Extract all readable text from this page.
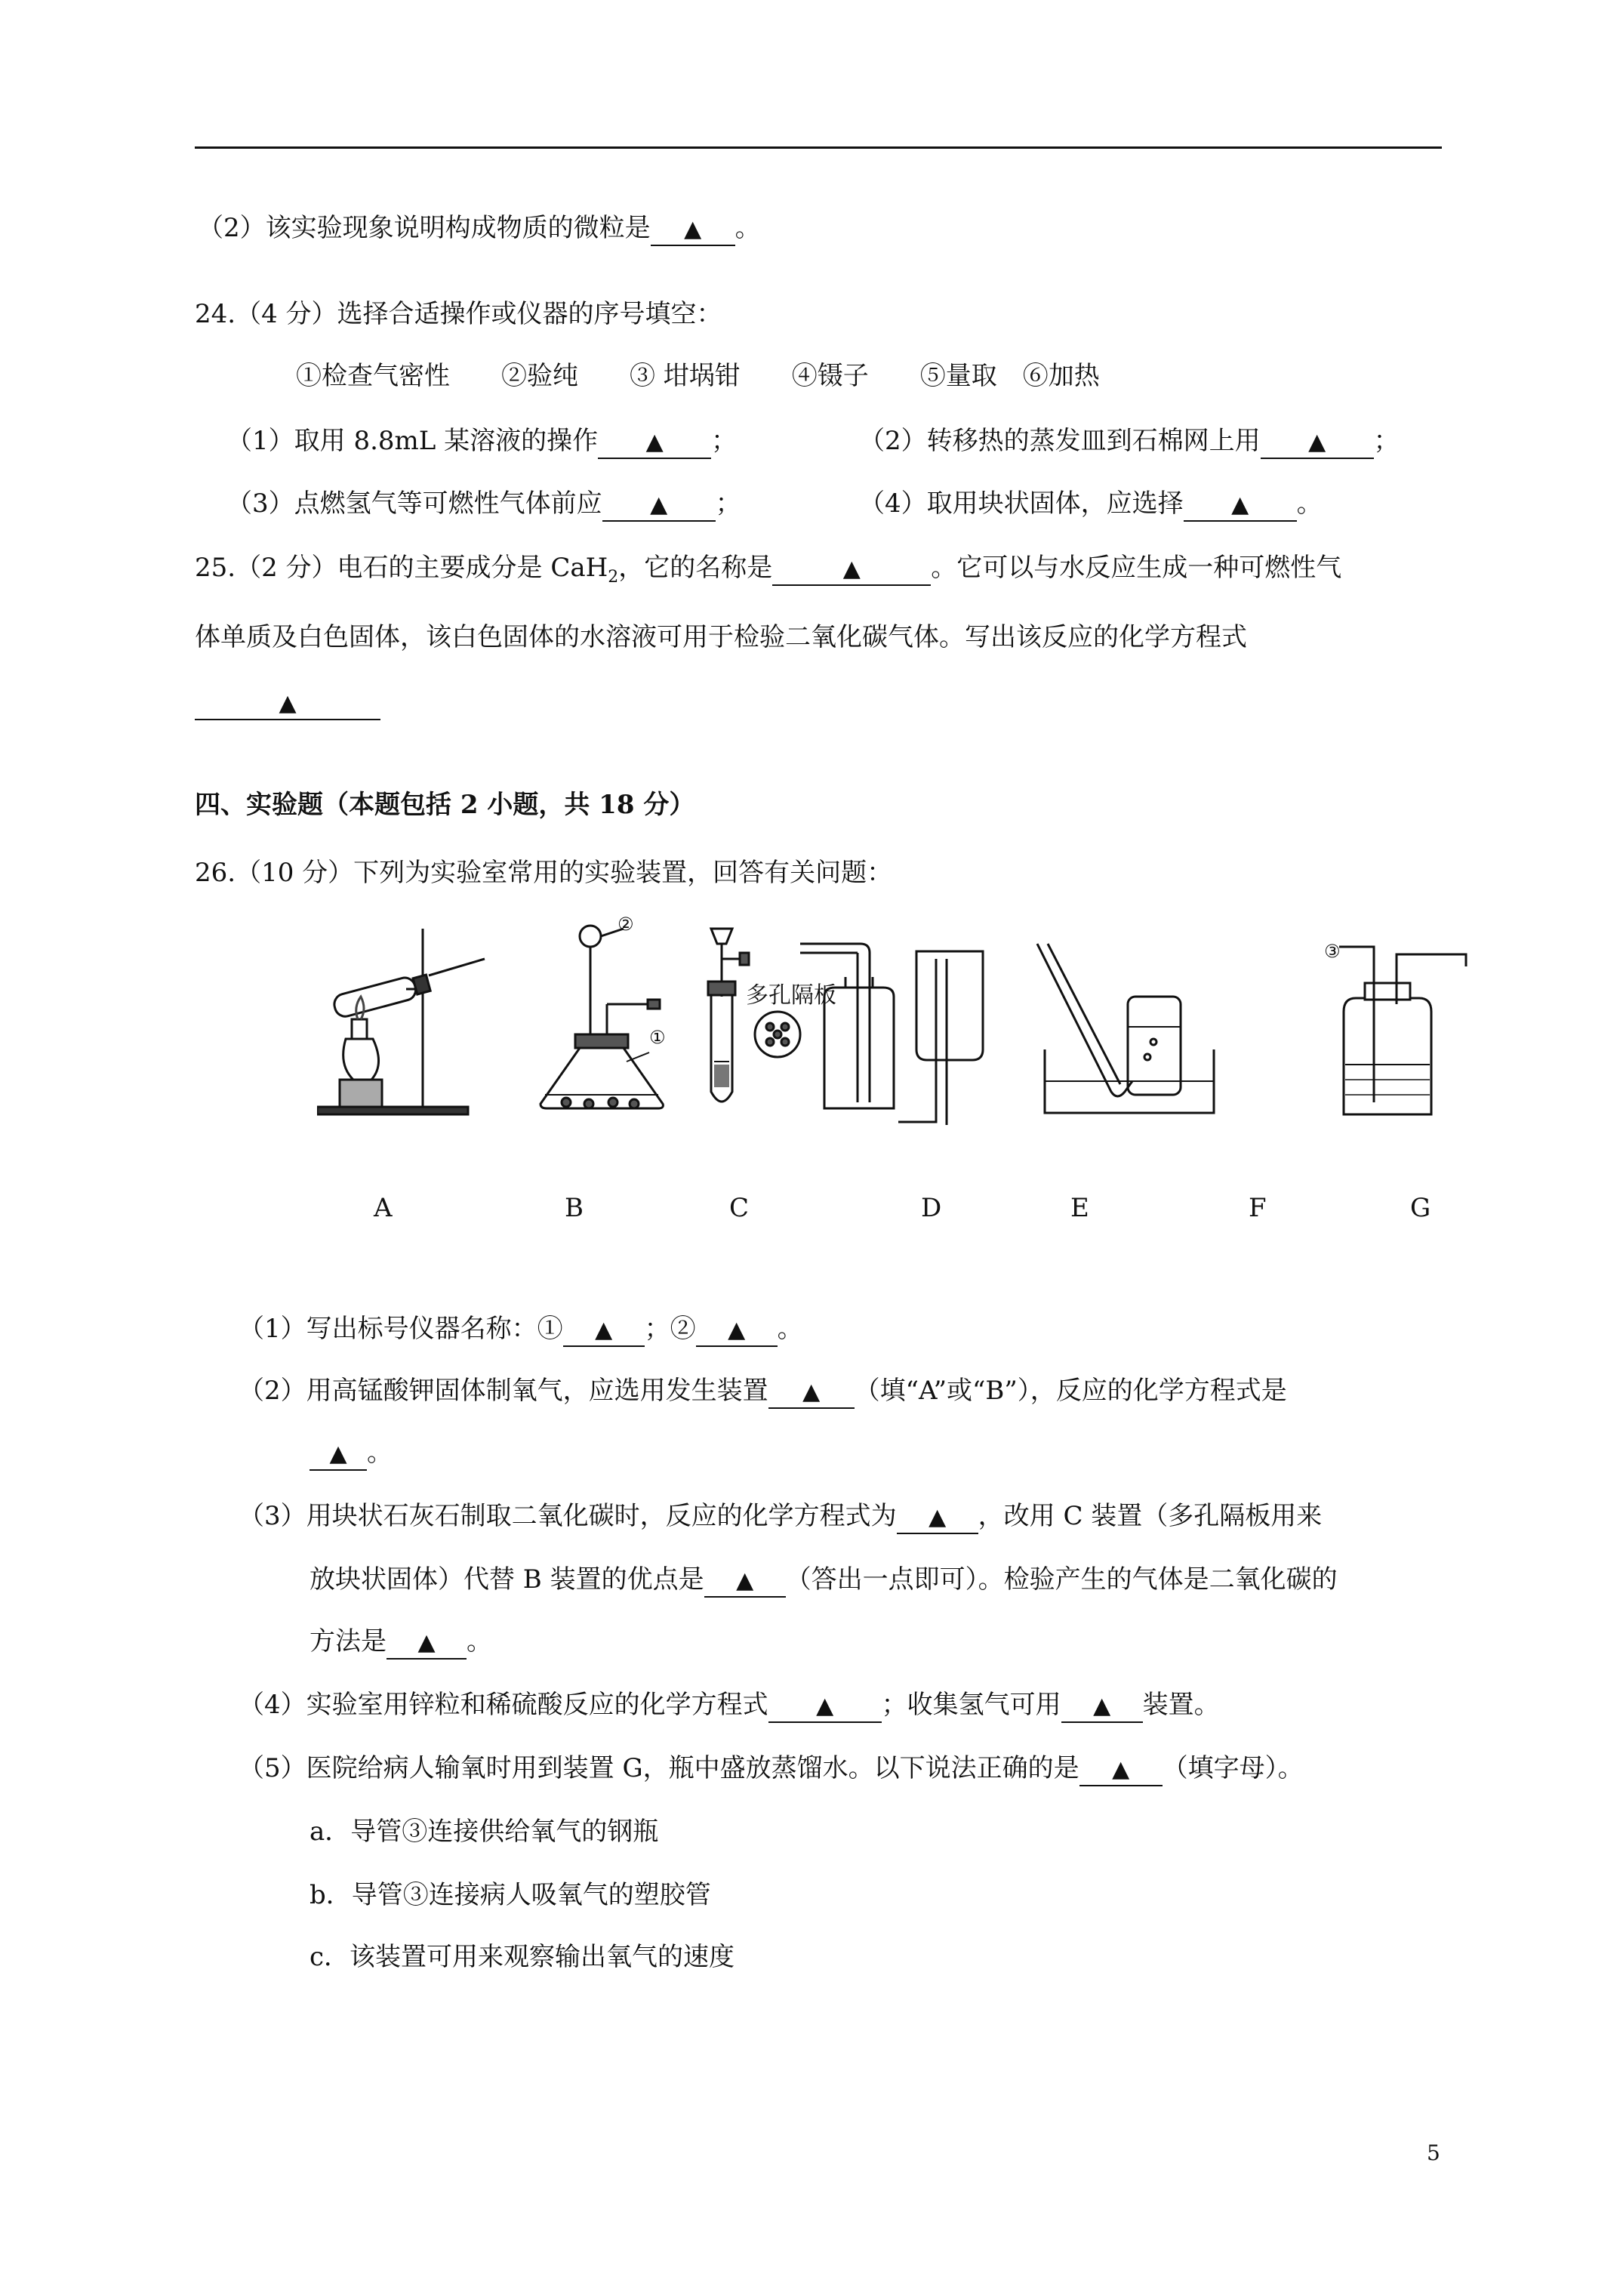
（2）该实验现象说明构成物质的微粒是 ▲ 。
24.（4 分）选择合适操作或仪器的序号填空：
①检查气密性　　②验纯　　③ 坩埚钳　　④镊子　　⑤量取　⑥加热
（1）取用 8.8mL 某溶液的操作 ▲ ；	（2）转移热的蒸发皿到石棉网上用 ▲ ；
（3）点燃氢气等可燃性气体前应 ▲ ；	（4）取用块状固体，应选择 ▲ 。
25.（2 分）电石的主要成分是 CaH$_2$，它的名称是	▲	。它可以与水反应生成一种可燃性气
体单质及白色固体，该白色固体的水溶液可用于检验二氧化碳气体。写出该反应的化学方程式
▲
四、实验题（本题包括 2 小题，共 18 分）
26.（10 分）下列为实验室常用的实验装置，回答有关问题：
①
②
多孔隔板
③
A	B	C	D	E	F	G
（1）写出标号仪器名称：① ▲ ；② ▲ 。
（2）用高锰酸钾固体制氧气，应选用发生装置 ▲ （填“A”或“B”），反应的化学方程式是
▲ 。
（3）用块状石灰石制取二氧化碳时，反应的化学方程式为 ▲ ，改用 C 装置（多孔隔板用来
放块状固体）代替 B 装置的优点是 ▲ （答出一点即可）。检验产生的气体是二氧化碳的
方法是 ▲ 。
（4）实验室用锌粒和稀硫酸反应的化学方程式 ▲ ；收集氢气可用 ▲ 装置。
（5）医院给病人输氧时用到装置 G，瓶中盛放蒸馏水。以下说法正确的是 ▲ （填字母）。
a．导管③连接供给氧气的钢瓶
b．导管③连接病人吸氧气的塑胶管
c．该装置可用来观察输出氧气的速度
5
